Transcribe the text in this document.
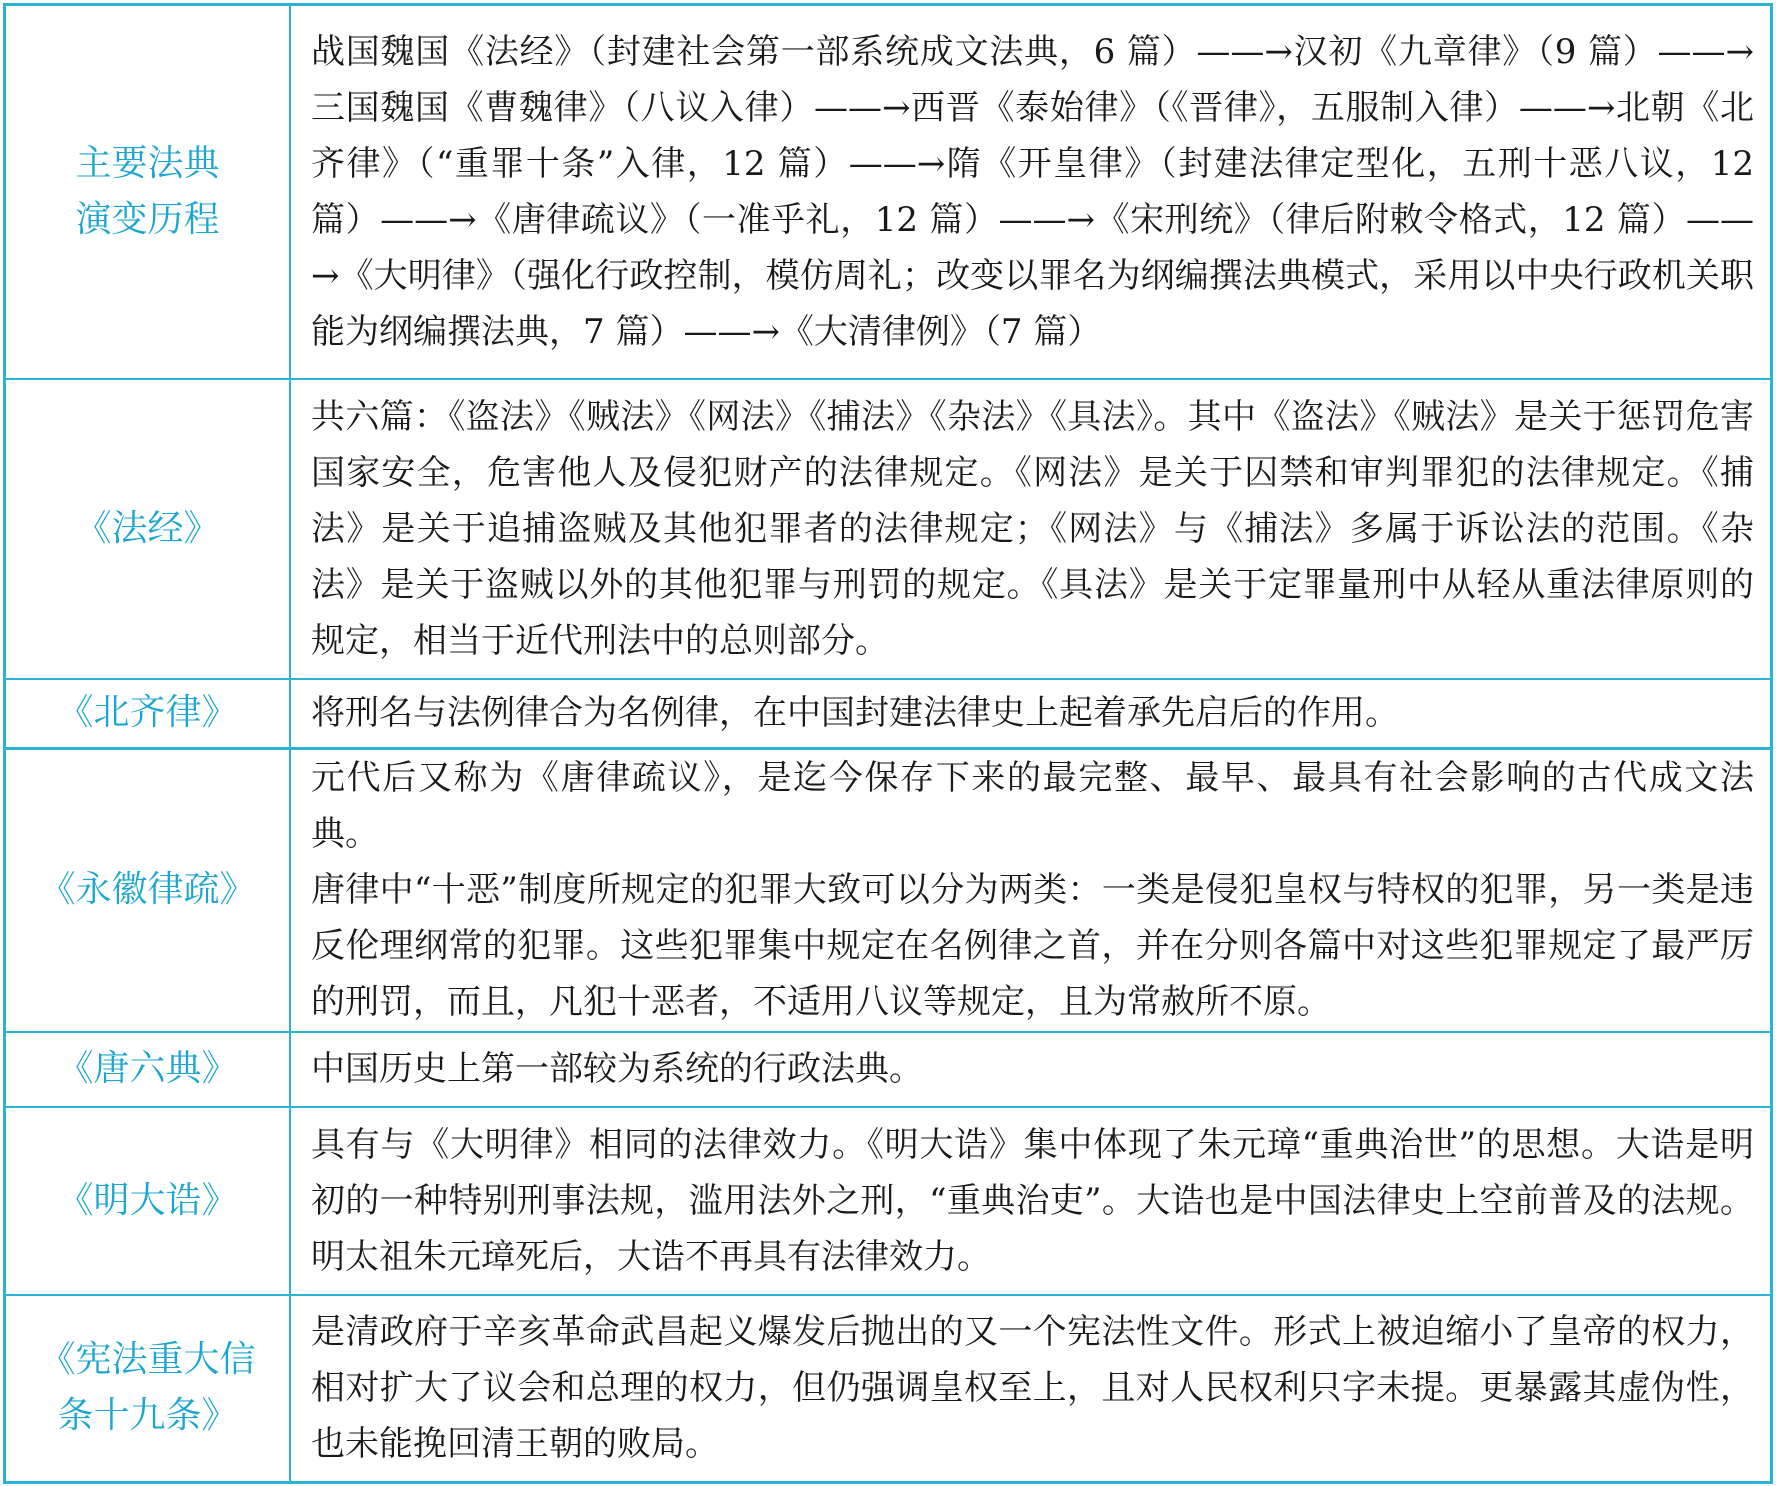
主要法典演变历程	战国魏国《法经》（封建社会第一部系统成文法典，6 篇）——→汉初《九章律》（9 篇）——→三国魏国《曹魏律》（八议入律）——→西晋《泰始律》（《晋律》，五服制入律）——→北朝《北齐律》（“重罪十条”入律，12 篇）——→隋《开皇律》（封建法律定型化，五刑十恶八议，12 篇）——→《唐律疏议》（一准乎礼，12 篇）——→《宋刑统》（律后附敕令格式，12 篇）——→《大明律》（强化行政控制，模仿周礼；改变以罪名为纲编撰法典模式，采用以中央行政机关职能为纲编撰法典，7 篇）——→《大清律例》（7 篇）

《法经》	共六篇：《盗法》《贼法》《网法》《捕法》《杂法》《具法》。其中《盗法》《贼法》是关于惩罚危害国家安全，危害他人及侵犯财产的法律规定。《网法》是关于囚禁和审判罪犯的法律规定。《捕法》是关于追捕盗贼及其他犯罪者的法律规定；《网法》与《捕法》多属于诉讼法的范围。《杂法》是关于盗贼以外的其他犯罪与刑罚的规定。《具法》是关于定罪量刑中从轻从重法律原则的规定，相当于近代刑法中的总则部分。

《北齐律》	将刑名与法例律合为名例律，在中国封建法律史上起着承先启后的作用。

《永徽律疏》	元代后又称为《唐律疏议》，是迄今保存下来的最完整、最早、最具有社会影响的古代成文法典。

唐律中“十恶”制度所规定的犯罪大致可以分为两类：一类是侵犯皇权与特权的犯罪，另一类是违反伦理纲常的犯罪。这些犯罪集中规定在名例律之首，并在分则各篇中对这些犯罪规定了最严厉的刑罚，而且，凡犯十恶者，不适用八议等规定，且为常赦所不原。

《唐六典》	中国历史上第一部较为系统的行政法典。

《明大诰》	具有与《大明律》相同的法律效力。《明大诰》集中体现了朱元璋“重典治世”的思想。大诰是明初的一种特别刑事法规，滥用法外之刑，“重典治吏”。大诰也是中国法律史上空前普及的法规。明太祖朱元璋死后，大诰不再具有法律效力。

《宪法重大信条十九条》	是清政府于辛亥革命武昌起义爆发后抛出的又一个宪法性文件。形式上被迫缩小了皇帝的权力，相对扩大了议会和总理的权力，但仍强调皇权至上，且对人民权利只字未提。更暴露其虚伪性，也未能挽回清王朝的败局。
